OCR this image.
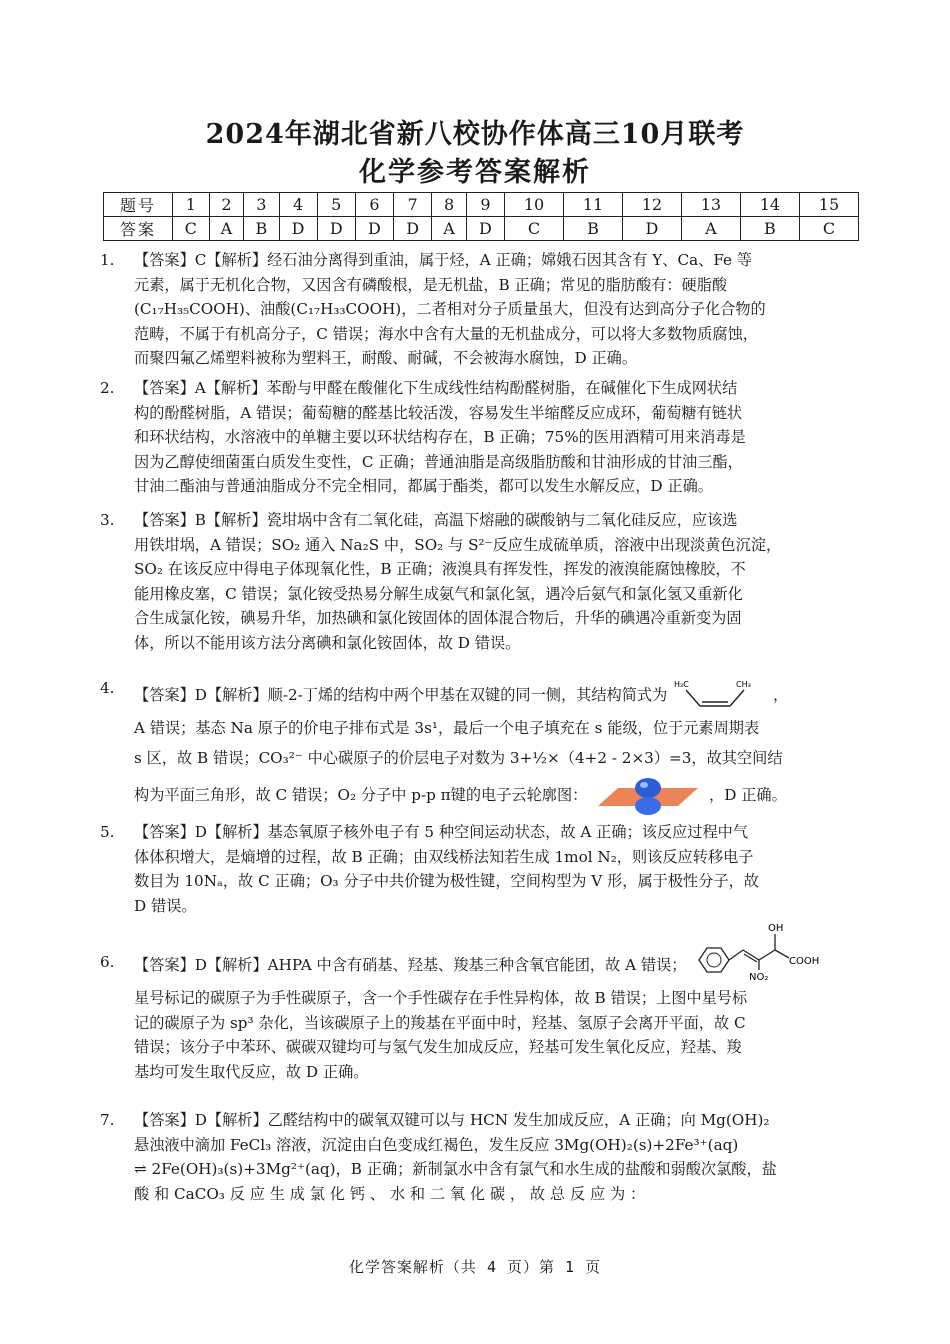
2024年湖北省新八校协作体高三10月联考
化学参考答案解析
题号	1	2	3	4	5	6	7	8	9	10	11	12	13	14	15
答案	C	A	B	D	D	D	D	A	D	C	B	D	A	B	C
1.	【答案】C【解析】经石油分离得到重油，属于烃，A 正确；嫦娥石因其含有 Y、Ca、Fe 等
元素，属于无机化合物，又因含有磷酸根，是无机盐，B 正确；常见的脂肪酸有：硬脂酸
(C₁₇H₃₅COOH)、油酸(C₁₇H₃₃COOH)，二者相对分子质量虽大，但没有达到高分子化合物的
范畴，不属于有机高分子，C 错误；海水中含有大量的无机盐成分，可以将大多数物质腐蚀，
而聚四氟乙烯塑料被称为塑料王，耐酸、耐碱，不会被海水腐蚀，D 正确。
2.	【答案】A【解析】苯酚与甲醛在酸催化下生成线性结构酚醛树脂，在碱催化下生成网状结
构的酚醛树脂，A 错误；葡萄糖的醛基比较活泼，容易发生半缩醛反应成环，葡萄糖有链状
和环状结构，水溶液中的单糖主要以环状结构存在，B 正确；75%的医用酒精可用来消毒是
因为乙醇使细菌蛋白质发生变性，C 正确；普通油脂是高级脂肪酸和甘油形成的甘油三酯，
甘油二酯油与普通油脂成分不完全相同，都属于酯类，都可以发生水解反应，D 正确。
3.	【答案】B【解析】瓷坩埚中含有二氧化硅，高温下熔融的碳酸钠与二氧化硅反应，应该选
用铁坩埚，A 错误；SO₂ 通入 Na₂S 中，SO₂ 与 S²⁻反应生成硫单质，溶液中出现淡黄色沉淀，
SO₂ 在该反应中得电子体现氧化性，B 正确；液溴具有挥发性，挥发的液溴能腐蚀橡胶，不
能用橡皮塞，C 错误；氯化铵受热易分解生成氨气和氯化氢，遇冷后氨气和氯化氢又重新化
合生成氯化铵，碘易升华，加热碘和氯化铵固体的固体混合物后，升华的碘遇冷重新变为固
体，所以不能用该方法分离碘和氯化铵固体，故 D 错误。
4.	【答案】D【解析】顺-2-丁烯的结构中两个甲基在双键的同一侧，其结构简式为
H₃C	CH₃
，
A 错误；基态 Na 原子的价电子排布式是 3s¹，最后一个电子填充在 s 能级，位于元素周期表
s 区，故 B 错误；CO₃²⁻ 中心碳原子的价层电子对数为 3+½×（4+2 - 2×3）=3，故其空间结
构为平面三角形，故 C 错误；O₂ 分子中 p-p π键的电子云轮廓图：	，D 正确。
5.	【答案】D【解析】基态氧原子核外电子有 5 种空间运动状态，故 A 正确；该反应过程中气
体体积增大，是熵增的过程，故 B 正确；由双线桥法知若生成 1mol N₂，则该反应转移电子
数目为 10Nₐ，故 C 正确；O₃ 分子中共价键为极性键，空间构型为 V 形，属于极性分子，故
D 错误。
6.	【答案】D【解析】AHPA 中含有硝基、羟基、羧基三种含氧官能团，故 A 错误；
OH
COOH
NO₂
星号标记的碳原子为手性碳原子，含一个手性碳存在手性异构体，故 B 错误；上图中星号标
记的碳原子为 sp³ 杂化，当该碳原子上的羧基在平面中时，羟基、氢原子会离开平面，故 C
错误；该分子中苯环、碳碳双键均可与氢气发生加成反应，羟基可发生氧化反应，羟基、羧
基均可发生取代反应，故 D 正确。
7.	【答案】D【解析】乙醛结构中的碳氧双键可以与 HCN 发生加成反应，A 正确；向 Mg(OH)₂
悬浊液中滴加 FeCl₃ 溶液，沉淀由白色变成红褐色，发生反应 3Mg(OH)₂(s)+2Fe³⁺(aq)
⇌ 2Fe(OH)₃(s)+3Mg²⁺(aq)，B 正确；新制氯水中含有氯气和水生成的盐酸和弱酸次氯酸，盐
酸 和 CaCO₃ 反 应 生 成 氯 化 钙 、 水 和 二 氧 化 碳 ， 故 总 反 应 为 ：
化学答案解析（共 4 页）第 1 页
